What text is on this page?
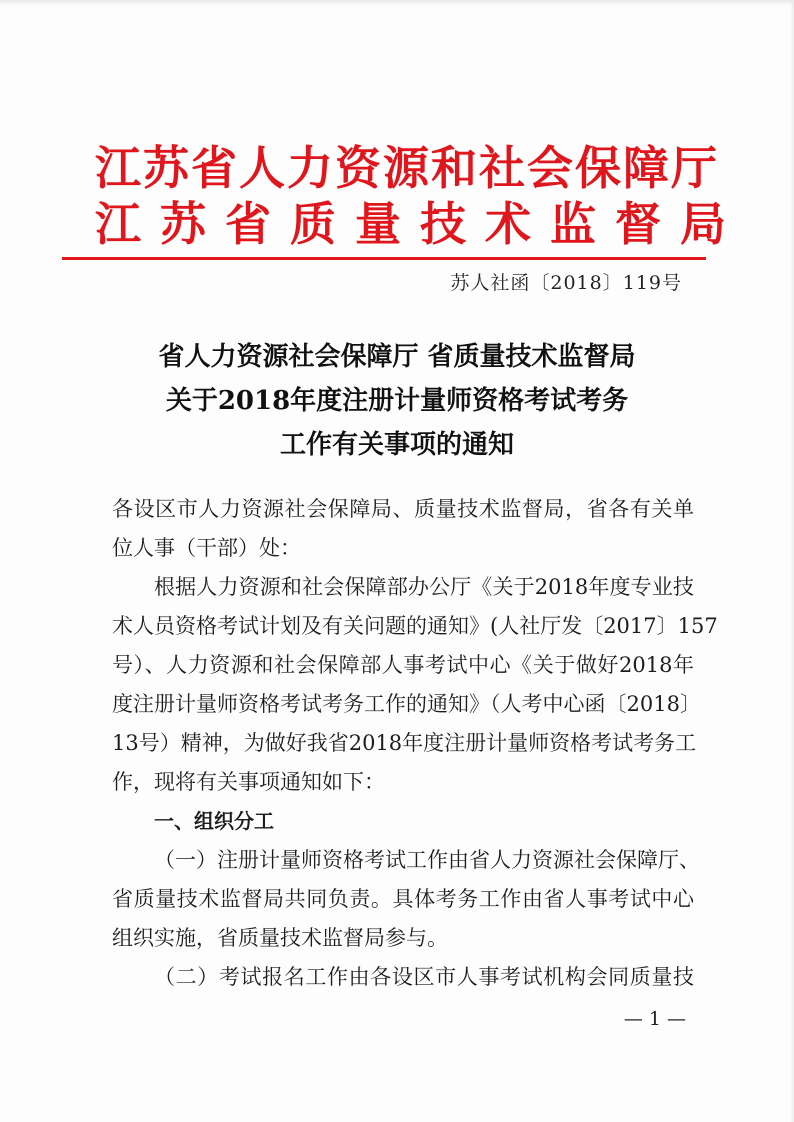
江苏省人力资源和社会保障厅
江苏省质量技术监督局
苏人社函〔2018〕119号
省人力资源社会保障厅 省质量技术监督局
关于2018年度注册计量师资格考试考务
工作有关事项的通知
各设区市人力资源社会保障局、质量技术监督局，省各有关单
位人事（干部）处：
根据人力资源和社会保障部办公厅《关于2018年度专业技
术人员资格考试计划及有关问题的通知》(人社厅发〔2017〕157
号）、人力资源和社会保障部人事考试中心《关于做好2018年
度注册计量师资格考试考务工作的通知》（人考中心函〔2018〕
13号）精神，为做好我省2018年度注册计量师资格考试考务工
作，现将有关事项通知如下：
一、组织分工
（一）注册计量师资格考试工作由省人力资源社会保障厅、
省质量技术监督局共同负责。具体考务工作由省人事考试中心
组织实施，省质量技术监督局参与。
（二）考试报名工作由各设区市人事考试机构会同质量技
— 1 —
